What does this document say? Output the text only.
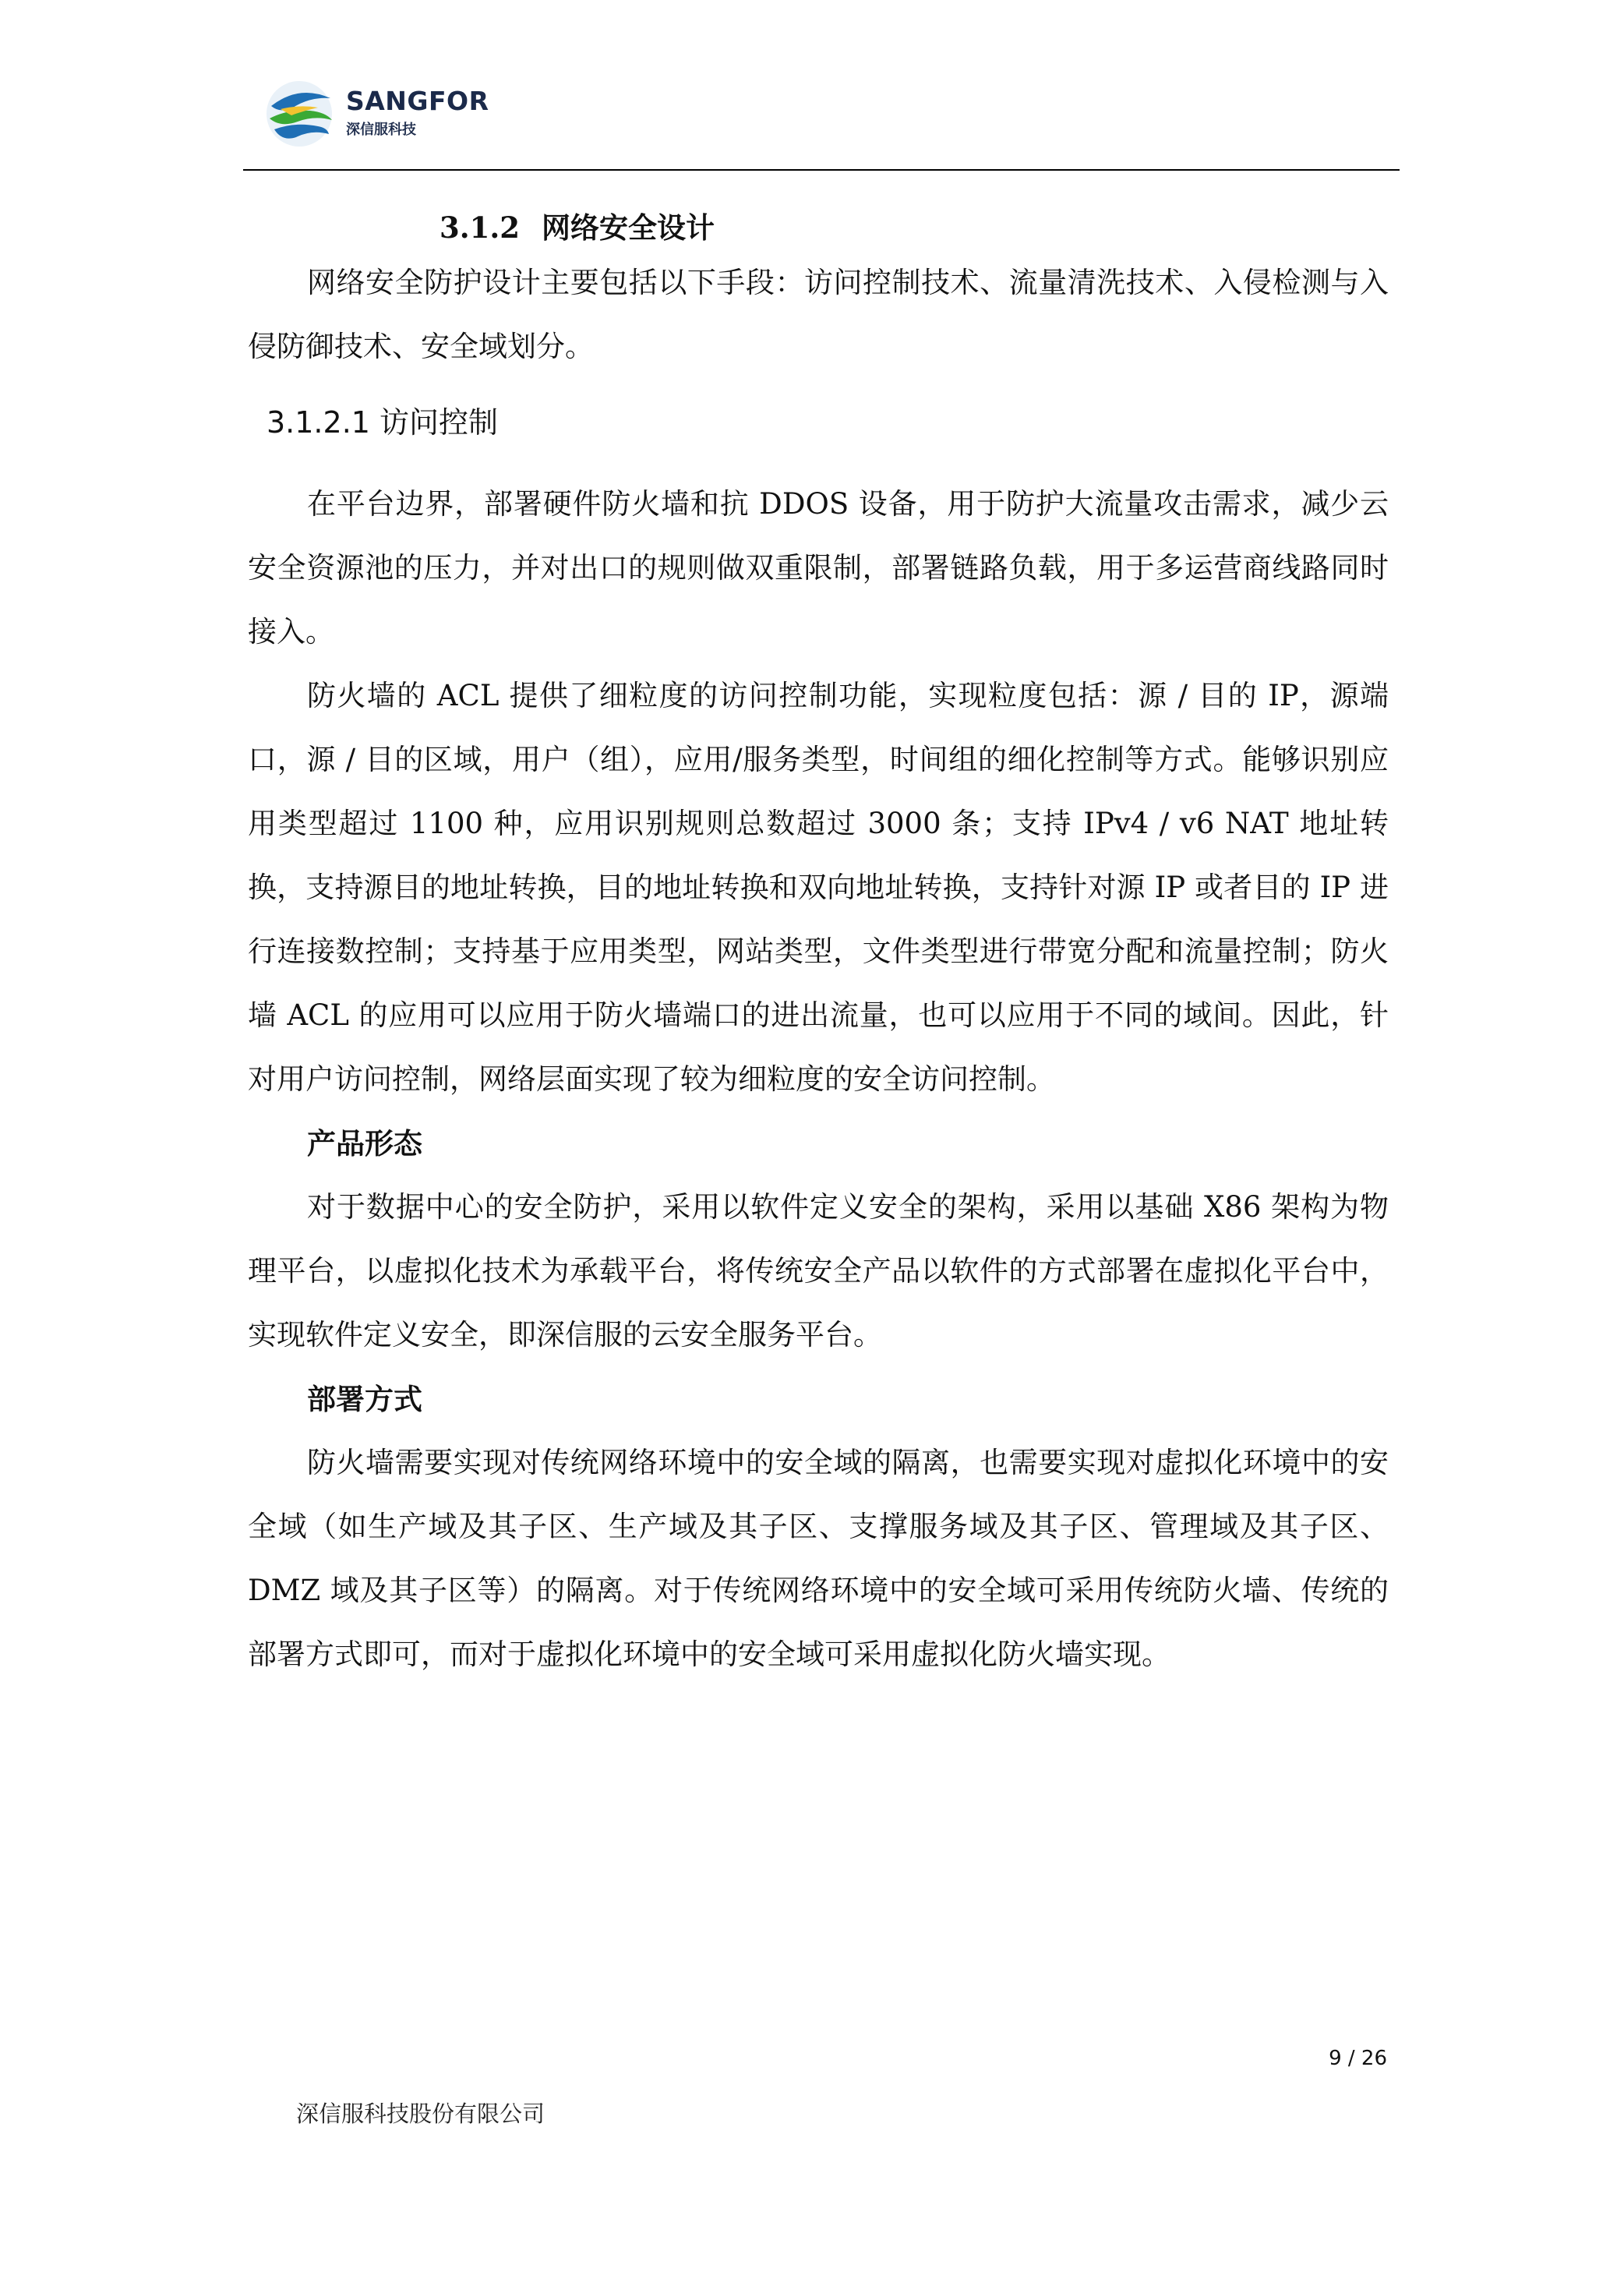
SANGFOR
深信服科技
3.1.2 网络安全设计

网络安全防护设计主要包括以下手段：访问控制技术、流量清洗技术、入侵检测与入侵防御技术、安全域划分。

3.1.2.1 访问控制

在平台边界，部署硬件防火墙和抗 DDOS 设备，用于防护大流量攻击需求，减少云安全资源池的压力，并对出口的规则做双重限制，部署链路负载，用于多运营商线路同时接入。

防火墙的 ACL 提供了细粒度的访问控制功能，实现粒度包括：源 / 目的 IP，源端口，源 / 目的区域，用户（组），应用/服务类型，时间组的细化控制等方式。能够识别应用类型超过 1100 种，应用识别规则总数超过 3000 条；支持 IPv4 / v6 NAT 地址转换，支持源目的地址转换，目的地址转换和双向地址转换，支持针对源 IP 或者目的 IP 进行连接数控制；支持基于应用类型，网站类型，文件类型进行带宽分配和流量控制；防火墙 ACL 的应用可以应用于防火墙端口的进出流量，也可以应用于不同的域间。因此，针对用户访问控制，网络层面实现了较为细粒度的安全访问控制。

产品形态

对于数据中心的安全防护，采用以软件定义安全的架构，采用以基础 X86 架构为物理平台，以虚拟化技术为承载平台，将传统安全产品以软件的方式部署在虚拟化平台中，实现软件定义安全，即深信服的云安全服务平台。

部署方式

防火墙需要实现对传统网络环境中的安全域的隔离，也需要实现对虚拟化环境中的安全域（如生产域及其子区、生产域及其子区、支撑服务域及其子区、管理域及其子区、DMZ 域及其子区等）的隔离。对于传统网络环境中的安全域可采用传统防火墙、传统的部署方式即可，而对于虚拟化环境中的安全域可采用虚拟化防火墙实现。

9 / 26
深信服科技股份有限公司
